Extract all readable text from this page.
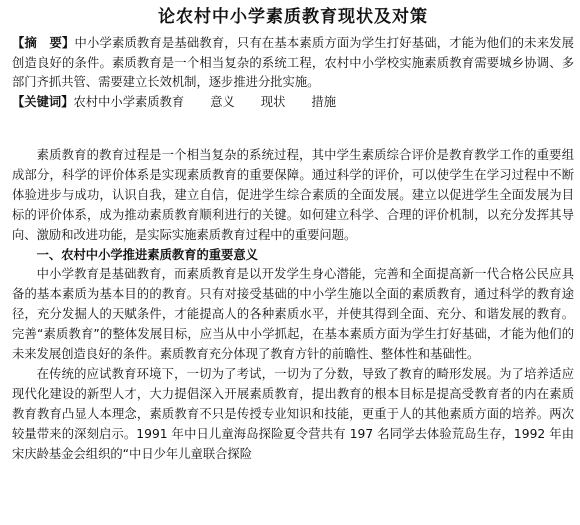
论农村中小学素质教育现状及对策

【摘　要】中小学素质教育是基础教育，只有在基本素质方面为学生打好基础，才能为他们的未来发展创造良好的条件。素质教育是一个相当复杂的系统工程，农村中小学校实施素质教育需要城乡协调、多部门齐抓共管、需要建立长效机制，逐步推进分批实施。

【关键词】农村中小学素质教育 意义 现状 措施

素质教育的教育过程是一个相当复杂的系统过程，其中学生素质综合评价是教育教学工作的重要组成部分，科学的评价体系是实现素质教育的重要保障。通过科学的评价，可以使学生在学习过程中不断体验进步与成功，认识自我，建立自信，促进学生综合素质的全面发展。建立以促进学生全面发展为目标的评价体系，成为推动素质教育顺利进行的关键。如何建立科学、合理的评价机制，以充分发挥其导向、激励和改进功能，是实际实施素质教育过程中的重要问题。

一、农村中小学推进素质教育的重要意义

中小学教育是基础教育，而素质教育是以开发学生身心潜能，完善和全面提高新一代合格公民应具备的基本素质为基本目的的教育。只有对接受基础的中小学生施以全面的素质教育，通过科学的教育途径，充分发掘人的天赋条件，才能提高人的各种素质水平，并使其得到全面、充分、和谐发展的教育。完善“素质教育”的整体发展目标，应当从中小学抓起，在基本素质方面为学生打好基础，才能为他们的未来发展创造良好的条件。素质教育充分体现了教育方针的前瞻性、整体性和基础性。

在传统的应试教育环境下，一切为了考试，一切为了分数，导致了教育的畸形发展。为了培养适应现代化建设的新型人才，大力提倡深入开展素质教育，提出教育的根本目标是提高受教育者的内在素质教育教育凸显人本理念，素质教育不只是传授专业知识和技能，更重于人的其他素质方面的培养。两次较量带来的深刻启示。1991 年中日儿童海岛探险夏令营共有 197 名同学去体验荒岛生存，1992 年由宋庆龄基金会组织的“中日少年儿童联合探险
